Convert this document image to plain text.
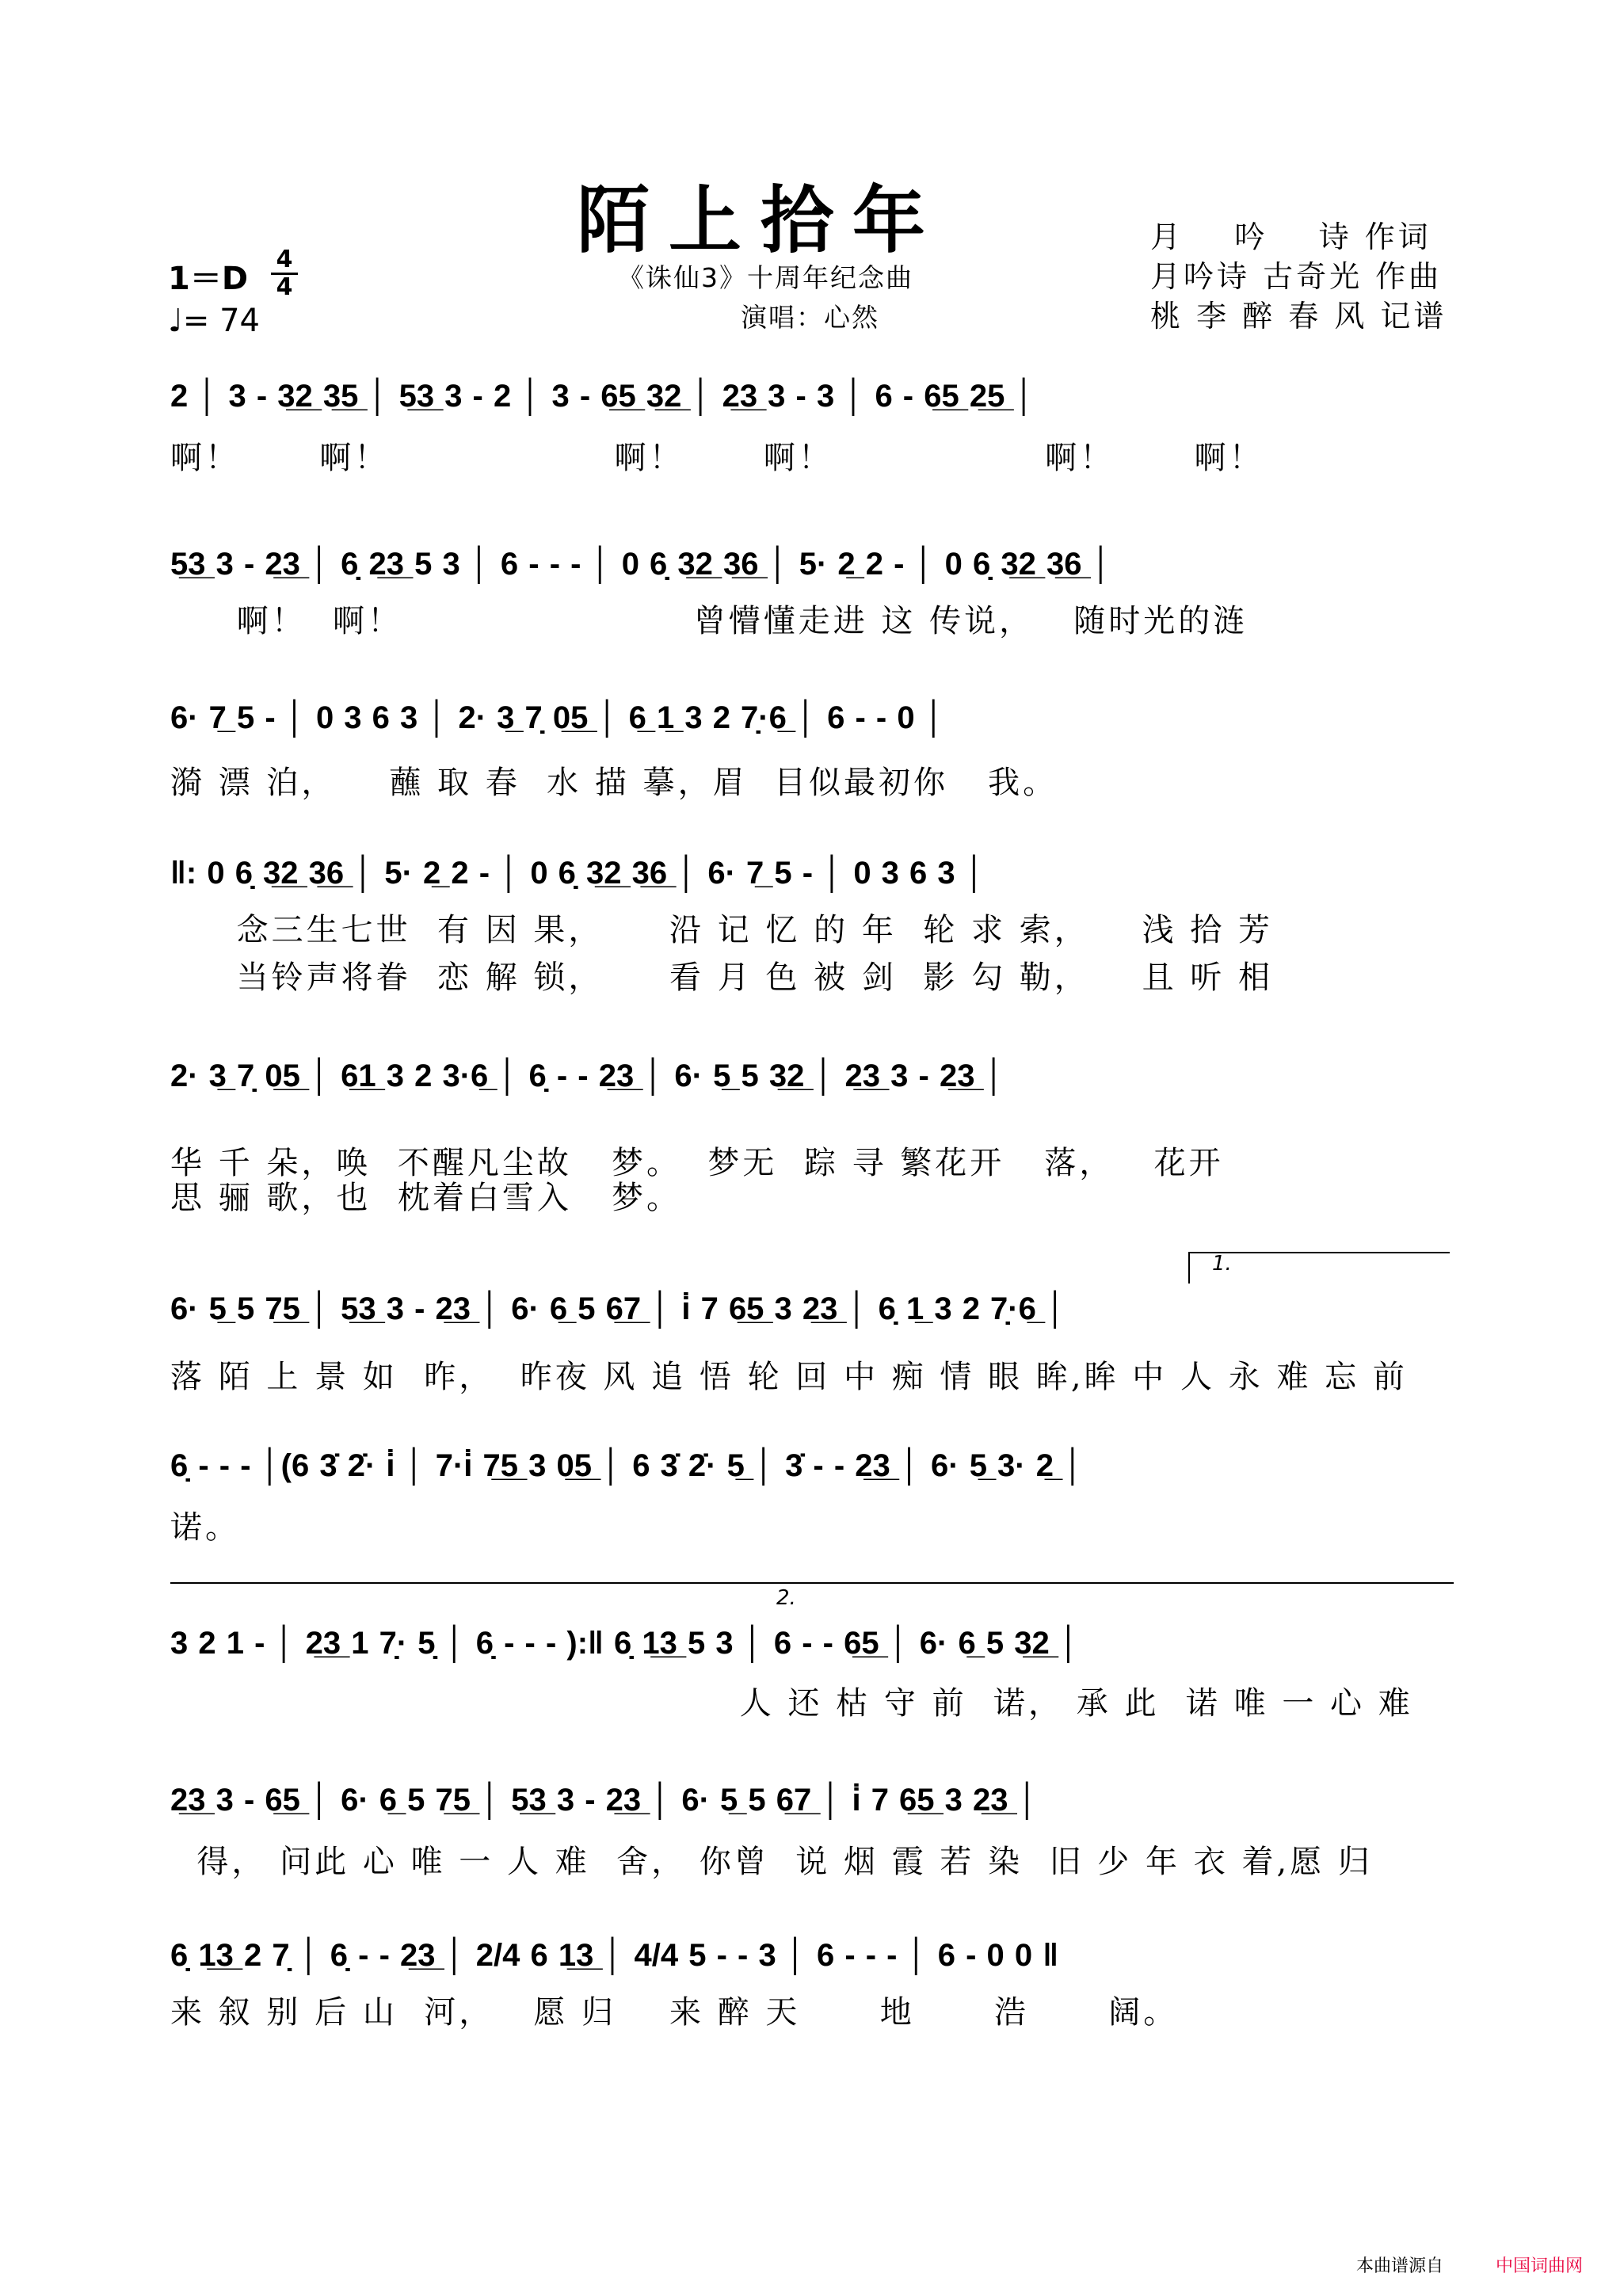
陌上拾年	月    吟    诗 作词
月吟诗 古奇光 作曲
桃 李 醉 春 风 记谱
《诛仙3》十周年纪念曲
演唱：心然
1＝D
4
4
♩= 74
2 │ 3 - 3̲2̲ 3̲5̲ │ 5̲3̲ 3 - 2 │ 3 - 6̲5̲ 3̲2̲ │ 2̲3̲ 3 - 3 │ 6 - 6̲5̲ 2̲5̲ │
啊！      啊！                 啊！      啊！                啊！      啊！
5̲3̲ 3 - 2̲3̲ │ 6̣ 2̲3̲ 5 3 │ 6 - - - │ 0 6̣ 3̲2̲ 3̲6̲ │ 5· 2̲ 2 - │ 0 6̣ 3̲2̲ 3̲6̲ │
啊！  啊！                      曾懵懂走进 这 传说，   随时光的涟
6· 7̲ 5 - │ 0 3 6 3 │ 2· 3̲ 7̣ 0̲5̲ │ 6̲ 1̲ 3 2 7̣·6̲ │ 6 - - 0 │
漪 漂 泊，    蘸 取 春  水 描 摹，眉  目似最初你   我。
‖: 0 6̣ 3̲2̲ 3̲6̲ │ 5· 2̲ 2 - │ 0 6̣ 3̲2̲ 3̲6̲ │ 6· 7̲ 5 - │ 0 3 6 3 │
念三生七世  有 因 果，     沿 记 忆 的 年  轮 求 索，    浅 拾 芳
当铃声将眷  恋 解 锁，     看 月 色 被 剑  影 勾 勒，    且 听 相
2· 3̲ 7̣ 0̲5̲ │ 6̲1̲ 3 2 3·6̲ │ 6̣ - - 2̲3̲ │ 6· 5̲ 5 3̲2̲ │ 2̲3̲ 3 - 2̲3̲ │
华 千 朵，唤  不醒凡尘故   梦。  梦无  踪 寻 繁花开   落，   花开
思 骊 歌，也  枕着白雪入   梦。
1.
6· 5̲ 5 7̲5̲ │ 5̲3̲ 3 - 2̲3̲ │ 6· 6̲ 5 6̲7̲ │ i̇ 7 6̲5̲ 3 2̲3̲ │ 6̣ 1̲ 3 2 7̣·6̲ │
落 陌 上 景 如  昨，  昨夜 风 追 悟 轮 回 中 痴 情 眼 眸,眸 中 人 永 难 忘 前
6̣ - - - │(6 3̇ 2̇· i̇ │ 7·i̇ 7̲5̲ 3 0̲5̲ │ 6 3̇ 2̇· 5̲ │ 3̇ - - 2̲3̲ │ 6· 5̲ 3· 2̲ │
诺。
2.
3 2 1 - │ 2̲3̲ 1 7̣· 5̣ │ 6̣ - - - ):‖ 6̣ 1̲3̲ 5 3 │ 6 - - 6̲5̲ │ 6· 6̲ 5 3̲2̲ │
人 还 枯 守 前  诺， 承 此  诺 唯 一 心 难
2̲3̲ 3 - 6̲5̲ │ 6· 6̲ 5 7̲5̲ │ 5̲3̲ 3 - 2̲3̲ │ 6· 5̲ 5 6̲7̲ │ i̇ 7 6̲5̲ 3 2̲3̲ │
得， 问此 心 唯 一 人 难  舍， 你曾  说 烟 霞 若 染  旧 少 年 衣 着,愿 归
6̣ 1̲3̲ 2 7̣ │ 6̣ - - 2̲3̲ │ 2/4 6 1̲3̲ │ 4/4 5 - - 3 │ 6 - - - │ 6 - 0 0 ‖
来 叙 别 后 山  河，   愿 归    来 醉 天      地      浩      阔。
本曲谱源自	中国词曲网
